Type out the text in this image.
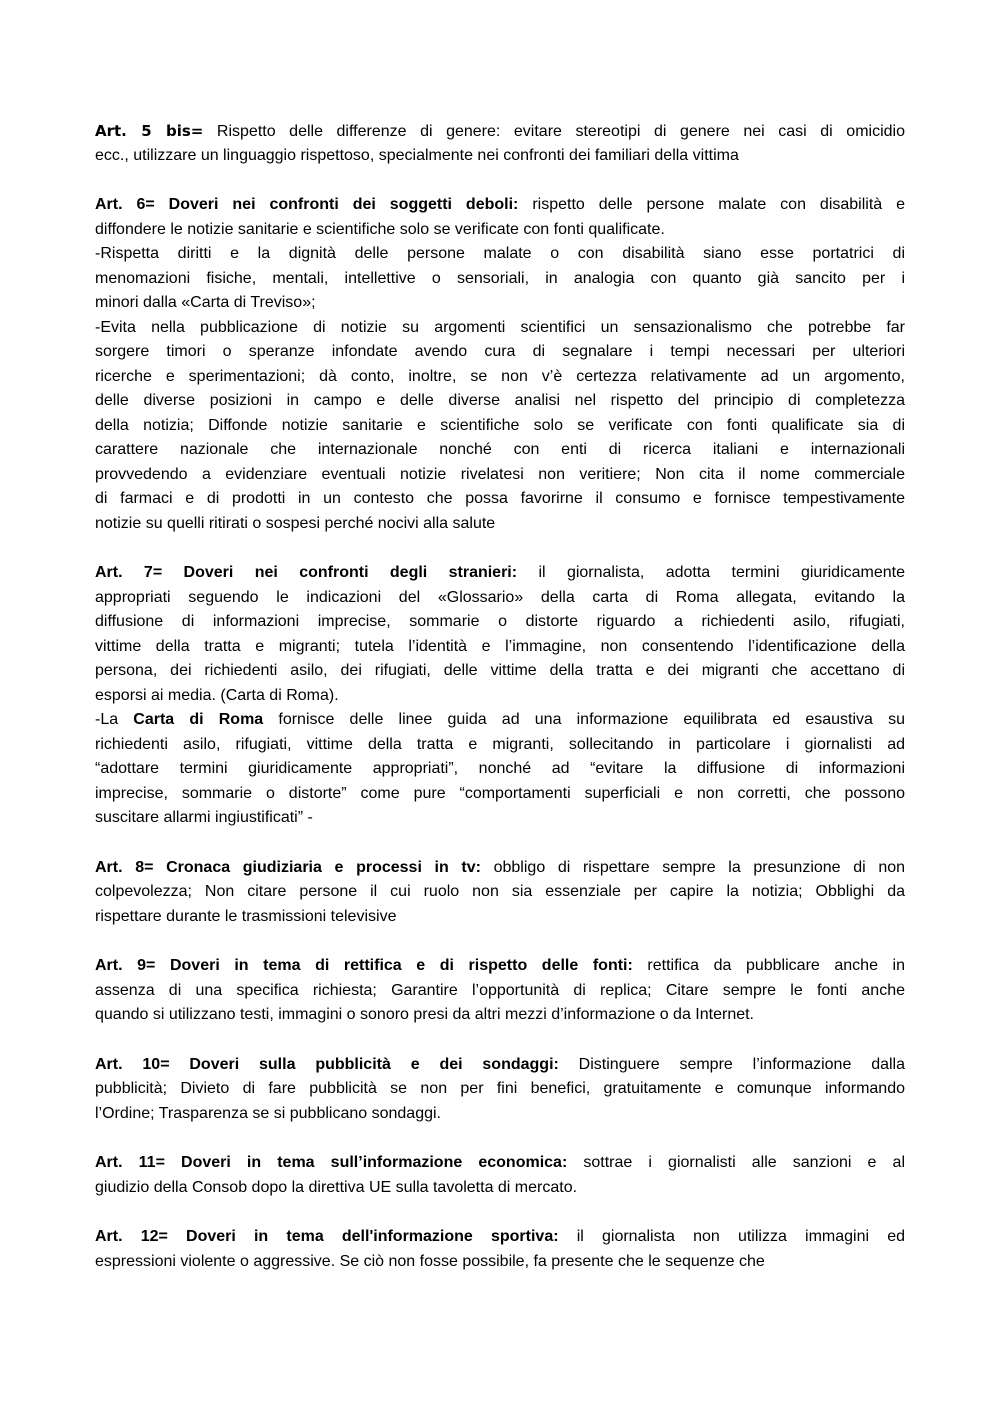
Art. 5 bis= Rispetto delle differenze di genere: evitare stereotipi di genere nei casi di omicidio
ecc., utilizzare un linguaggio rispettoso, specialmente nei confronti dei familiari della vittima
Art. 6= Doveri nei confronti dei soggetti deboli: rispetto delle persone malate con disabilità e
diffondere le notizie sanitarie e scientifiche solo se verificate con fonti qualificate.
-Rispetta diritti e la dignità delle persone malate o con disabilità siano esse portatrici di
menomazioni fisiche, mentali, intellettive o sensoriali, in analogia con quanto già sancito per i
minori dalla «Carta di Treviso»;
-Evita nella pubblicazione di notizie su argomenti scientifici un sensazionalismo che potrebbe far
sorgere timori o speranze infondate avendo cura di segnalare i tempi necessari per ulteriori
ricerche e sperimentazioni; dà conto, inoltre, se non v’è certezza relativamente ad un argomento,
delle diverse posizioni in campo e delle diverse analisi nel rispetto del principio di completezza
della notizia; Diffonde notizie sanitarie e scientifiche solo se verificate con fonti qualificate sia di
carattere nazionale che internazionale nonché con enti di ricerca italiani e internazionali
provvedendo a evidenziare eventuali notizie rivelatesi non veritiere; Non cita il nome commerciale
di farmaci e di prodotti in un contesto che possa favorirne il consumo e fornisce tempestivamente
notizie su quelli ritirati o sospesi perché nocivi alla salute
Art. 7= Doveri nei confronti degli stranieri: il giornalista, adotta termini giuridicamente
appropriati seguendo le indicazioni del «Glossario» della carta di Roma allegata, evitando la
diffusione di informazioni imprecise, sommarie o distorte riguardo a richiedenti asilo, rifugiati,
vittime della tratta e migranti; tutela l’identità e l’immagine, non consentendo l’identificazione della
persona, dei richiedenti asilo, dei rifugiati, delle vittime della tratta e dei migranti che accettano di
esporsi ai media. (Carta di Roma).
-La Carta di Roma fornisce delle linee guida ad una informazione equilibrata ed esaustiva su
richiedenti asilo, rifugiati, vittime della tratta e migranti, sollecitando in particolare i giornalisti ad
“adottare termini giuridicamente appropriati”, nonché ad “evitare la diffusione di informazioni
imprecise, sommarie o distorte” come pure “comportamenti superficiali e non corretti, che possono
suscitare allarmi ingiustificati” -
Art. 8= Cronaca giudiziaria e processi in tv: obbligo di rispettare sempre la presunzione di non
colpevolezza; Non citare persone il cui ruolo non sia essenziale per capire la notizia; Obblighi da
rispettare durante le trasmissioni televisive
Art. 9= Doveri in tema di rettifica e di rispetto delle fonti: rettifica da pubblicare anche in
assenza di una specifica richiesta; Garantire l’opportunità di replica; Citare sempre le fonti anche
quando si utilizzano testi, immagini o sonoro presi da altri mezzi d’informazione o da Internet.
Art. 10= Doveri sulla pubblicità e dei sondaggi: Distinguere sempre l’informazione dalla
pubblicità; Divieto di fare pubblicità se non per fini benefici, gratuitamente e comunque informando
l’Ordine; Trasparenza se si pubblicano sondaggi.
Art. 11= Doveri in tema sull’informazione economica: sottrae i giornalisti alle sanzioni e al
giudizio della Consob dopo la direttiva UE sulla tavoletta di mercato.
Art. 12= Doveri in tema dell'informazione sportiva: il giornalista non utilizza immagini ed
espressioni violente o aggressive. Se ciò non fosse possibile, fa presente che le sequenze che
